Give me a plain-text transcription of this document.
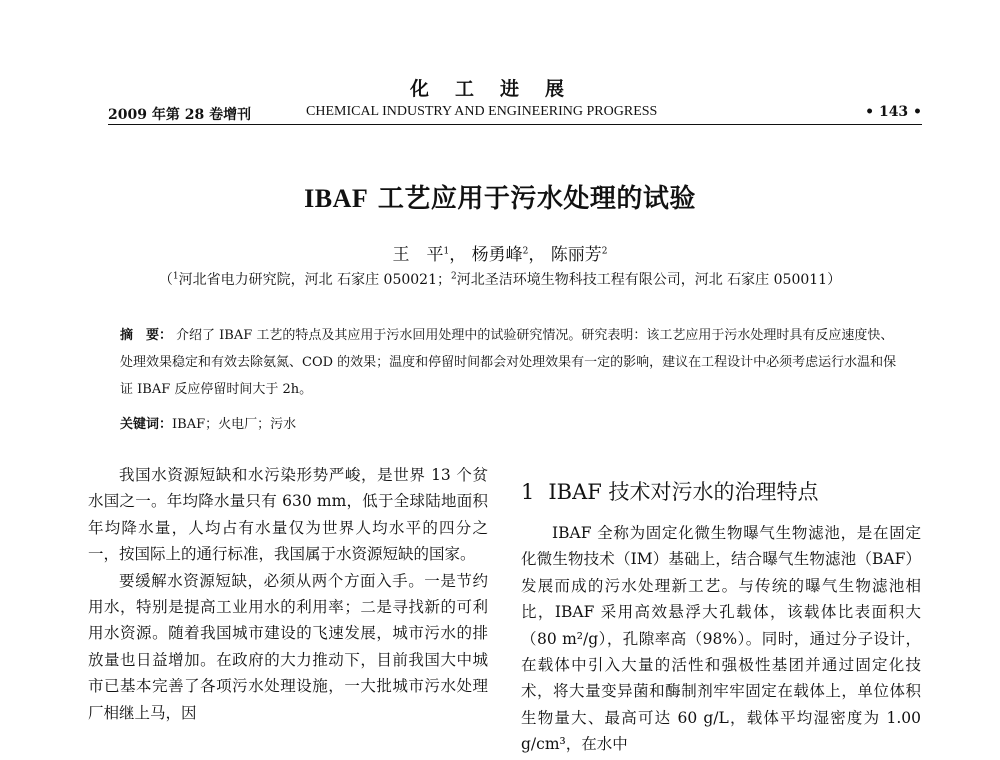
化工进展
2009 年第 28 卷增刊	CHEMICAL INDUSTRY AND ENGINEERING PROGRESS	• 143 •
IBAF 工艺应用于污水处理的试验
王　平$^1$， 杨勇峰$^2$， 陈丽芳$^2$
（$^1$河北省电力研究院，河北 石家庄 050021；$^2$河北圣洁环境生物科技工程有限公司，河北 石家庄 050011）
摘　要： 介绍了 IBAF 工艺的特点及其应用于污水回用处理中的试验研究情况。研究表明：该工艺应用于污水处理时具有反应速度快、处理效果稳定和有效去除氨氮、COD 的效果；温度和停留时间都会对处理效果有一定的影响，建议在工程设计中必须考虑运行水温和保证 IBAF 反应停留时间大于 2h。
关键词：IBAF；火电厂；污水

我国水资源短缺和水污染形势严峻，是世界 13 个贫水国之一。年均降水量只有 630 mm，低于全球陆地面积年均降水量，人均占有水量仅为世界人均水平的四分之一，按国际上的通行标准，我国属于水资源短缺的国家。

要缓解水资源短缺，必须从两个方面入手。一是节约用水，特别是提高工业用水的利用率；二是寻找新的可利用水资源。随着我国城市建设的飞速发展，城市污水的排放量也日益增加。在政府的大力推动下，目前我国大中城市已基本完善了各项污水处理设施，一大批城市污水处理厂相继上马，因

1 IBAF 技术对污水的治理特点

IBAF 全称为固定化微生物曝气生物滤池，是在固定化微生物技术（IM）基础上，结合曝气生物滤池（BAF）发展而成的污水处理新工艺。与传统的曝气生物滤池相比，IBAF 采用高效悬浮大孔载体，该载体比表面积大（80 m²/g），孔隙率高（98%）。同时，通过分子设计，在载体中引入大量的活性和强极性基团并通过固定化技术，将大量变异菌和酶制剂牢牢固定在载体上，单位体积生物量大、最高可达 60 g/L，载体平均湿密度为 1.00 g/cm³，在水中
